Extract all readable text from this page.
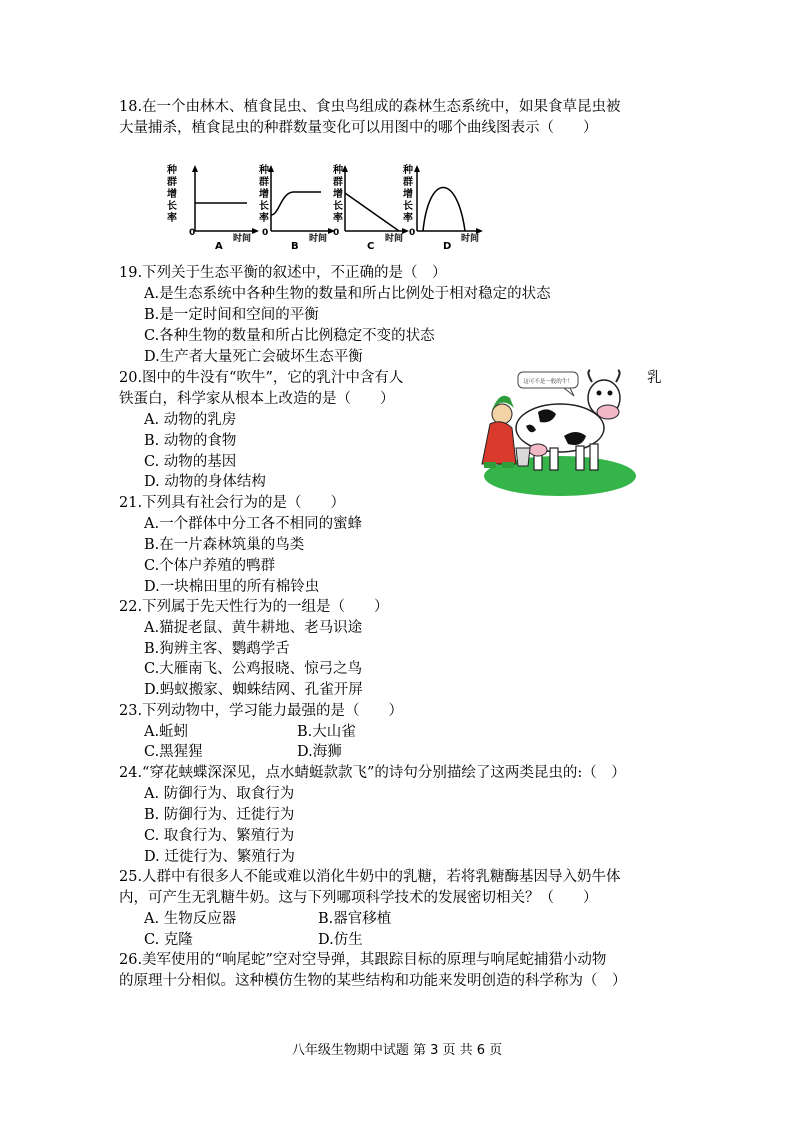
18.在一个由林木、植食昆虫、食虫鸟组成的森林生态系统中，如果食草昆虫被
大量捕杀，植食昆虫的种群数量变化可以用图中的哪个曲线图表示（　　）
种
群
增
长
率
0
A
时间
种
群
增
长
率
0
B
时间
种
群
增
长
率
0
C
时间
种
群
增
长
率
0
D
时间
19.下列关于生态平衡的叙述中，不正确的是（　）
A.是生态系统中各种生物的数量和所占比例处于相对稳定的状态
B.是一定时间和空间的平衡
C.各种生物的数量和所占比例稳定不变的状态
D.生产者大量死亡会破坏生态平衡
20.图中的牛没有“吹牛”，它的乳汁中含有人	乳
铁蛋白，科学家从根本上改造的是（　　）
A. 动物的乳房
B. 动物的食物
C. 动物的基因
D. 动物的身体结构
这可不是一般的牛！
21.下列具有社会行为的是（　　）
A.一个群体中分工各不相同的蜜蜂
B.在一片森林筑巢的鸟类
C.个体户养殖的鸭群
D.一块棉田里的所有棉铃虫
22.下列属于先天性行为的一组是（　　）
A.猫捉老鼠、黄牛耕地、老马识途
B.狗辨主客、鹦鹉学舌
C.大雁南飞、公鸡报晓、惊弓之鸟
D.蚂蚁搬家、蜘蛛结网、孔雀开屏
23.下列动物中，学习能力最强的是（　　）
A.蚯蚓	B.大山雀
C.黑猩猩	D.海狮
24.“穿花蛱蝶深深见，点水蜻蜓款款飞”的诗句分别描绘了这两类昆虫的:（　）
A. 防御行为、取食行为
B. 防御行为、迁徙行为
C. 取食行为、繁殖行为
D. 迁徙行为、繁殖行为
25.人群中有很多人不能或难以消化牛奶中的乳糖，若将乳糖酶基因导入奶牛体
内，可产生无乳糖牛奶。这与下列哪项科学技术的发展密切相关？（　　）
A. 生物反应器	B.器官移植
C. 克隆	D.仿生
26.美军使用的“响尾蛇”空对空导弹，其跟踪目标的原理与响尾蛇捕猎小动物
的原理十分相似。这种模仿生物的某些结构和功能来发明创造的科学称为（　）
八年级生物期中试题 第 3 页 共 6 页
